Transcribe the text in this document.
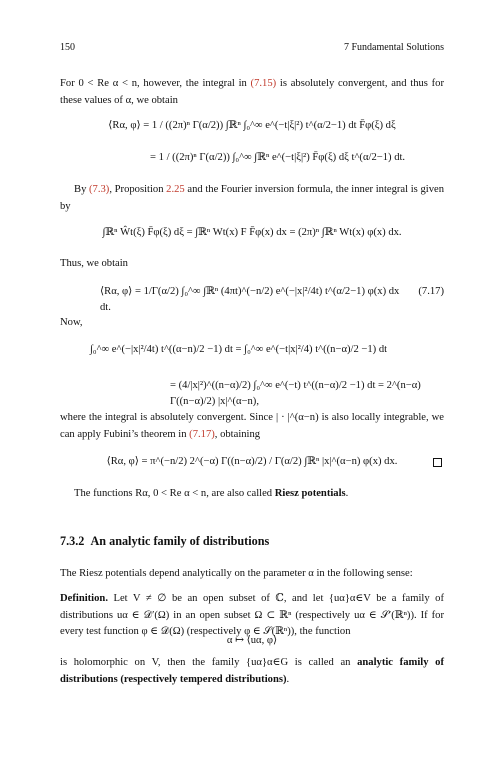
150	7 Fundamental Solutions
For 0 < Re α < n, however, the integral in (7.15) is absolutely convergent, and thus for these values of α, we obtain
⟨Rα, φ⟩ = 1 / ((2π)ⁿ Γ(α/2)) ∫ℝⁿ ∫₀^∞ e^(−t|ξ|²) t^(α/2−1) dt F̄φ(ξ) dξ
= 1 / ((2π)ⁿ Γ(α/2)) ∫₀^∞ ∫ℝⁿ e^(−t|ξ|²) F̄φ(ξ) dξ t^(α/2−1) dt.
By (7.3), Proposition 2.25 and the Fourier inversion formula, the inner integral is given by
∫ℝⁿ Ŵt(ξ) F̄φ(ξ) dξ = ∫ℝⁿ Wt(x) F F̄φ(x) dx = (2π)ⁿ ∫ℝⁿ Wt(x) φ(x) dx.
Thus, we obtain
⟨Rα, φ⟩ = 1/Γ(α/2) ∫₀^∞ ∫ℝⁿ (4πt)^(−n/2) e^(−|x|²/4t) t^(α/2−1) φ(x) dx dt.
(7.17)
Now,
∫₀^∞ e^(−|x|²/4t) t^((α−n)/2 −1) dt = ∫₀^∞ e^(−t|x|²/4) t^((n−α)/2 −1) dt
= (4/|x|²)^((n−α)/2) ∫₀^∞ e^(−t) t^((n−α)/2 −1) dt = 2^(n−α) Γ((n−α)/2) |x|^(α−n),
where the integral is absolutely convergent. Since | · |^(α−n) is also locally integrable, we can apply Fubini’s theorem in (7.17), obtaining
⟨Rα, φ⟩ = π^(−n/2) 2^(−α) Γ((n−α)/2) / Γ(α/2) ∫ℝⁿ |x|^(α−n) φ(x) dx.
The functions Rα, 0 < Re α < n, are also called Riesz potentials.
7.3.2 An analytic family of distributions
The Riesz potentials depend analytically on the parameter α in the following sense:
Definition. Let V ≠ ∅ be an open subset of ℂ, and let {uα}α∈V be a family of distributions uα ∈ 𝒟′(Ω) in an open subset Ω ⊂ ℝⁿ (respectively uα ∈ 𝒮′(ℝⁿ)). If for every test function φ ∈ 𝒟(Ω) (respectively φ ∈ 𝒮(ℝⁿ)), the function
α ↦ ⟨uα, φ⟩
is holomorphic on V, then the family {uα}α∈G is called an analytic family of distributions (respectively tempered distributions).
